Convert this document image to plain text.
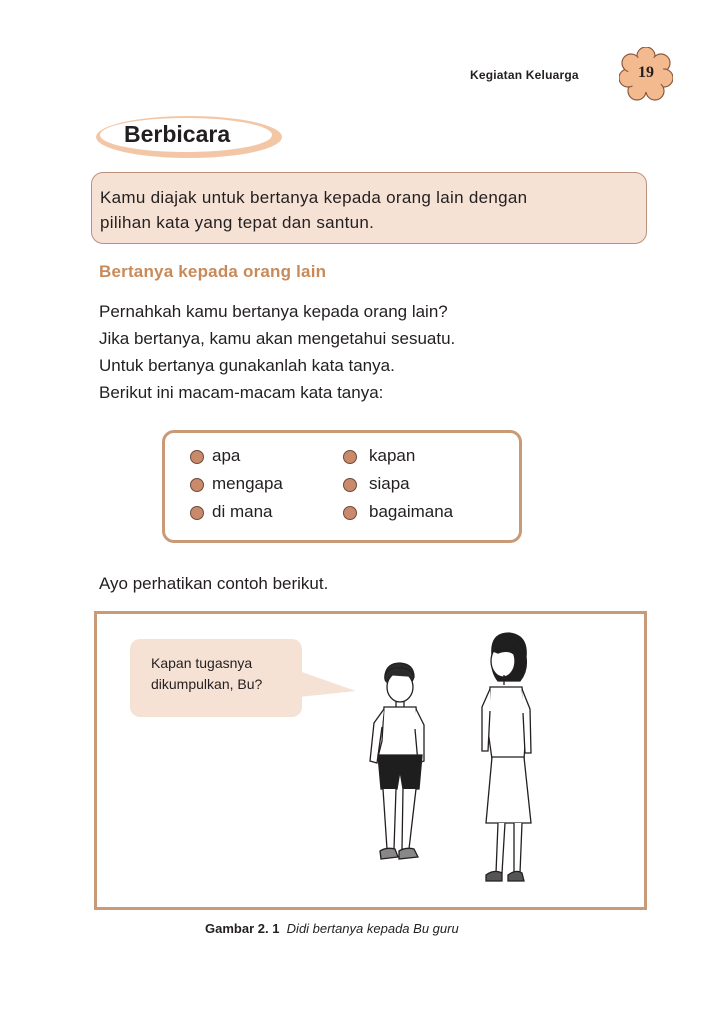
Kegiatan Keluarga	19
Berbicara
Kamu diajak untuk bertanya kepada orang lain dengan
pilihan kata yang tepat dan santun.
Bertanya kepada orang lain
Pernahkah kamu bertanya kepada orang lain?
Jika bertanya, kamu akan mengetahui sesuatu.
Untuk bertanya gunakanlah kata tanya.
Berikut ini macam-macam kata tanya:
apa
mengapa
di mana
kapan
siapa
bagaimana
Ayo perhatikan contoh berikut.
Kapan tugasnya
dikumpulkan, Bu?
Gambar 2. 1 Didi bertanya kepada Bu guru
